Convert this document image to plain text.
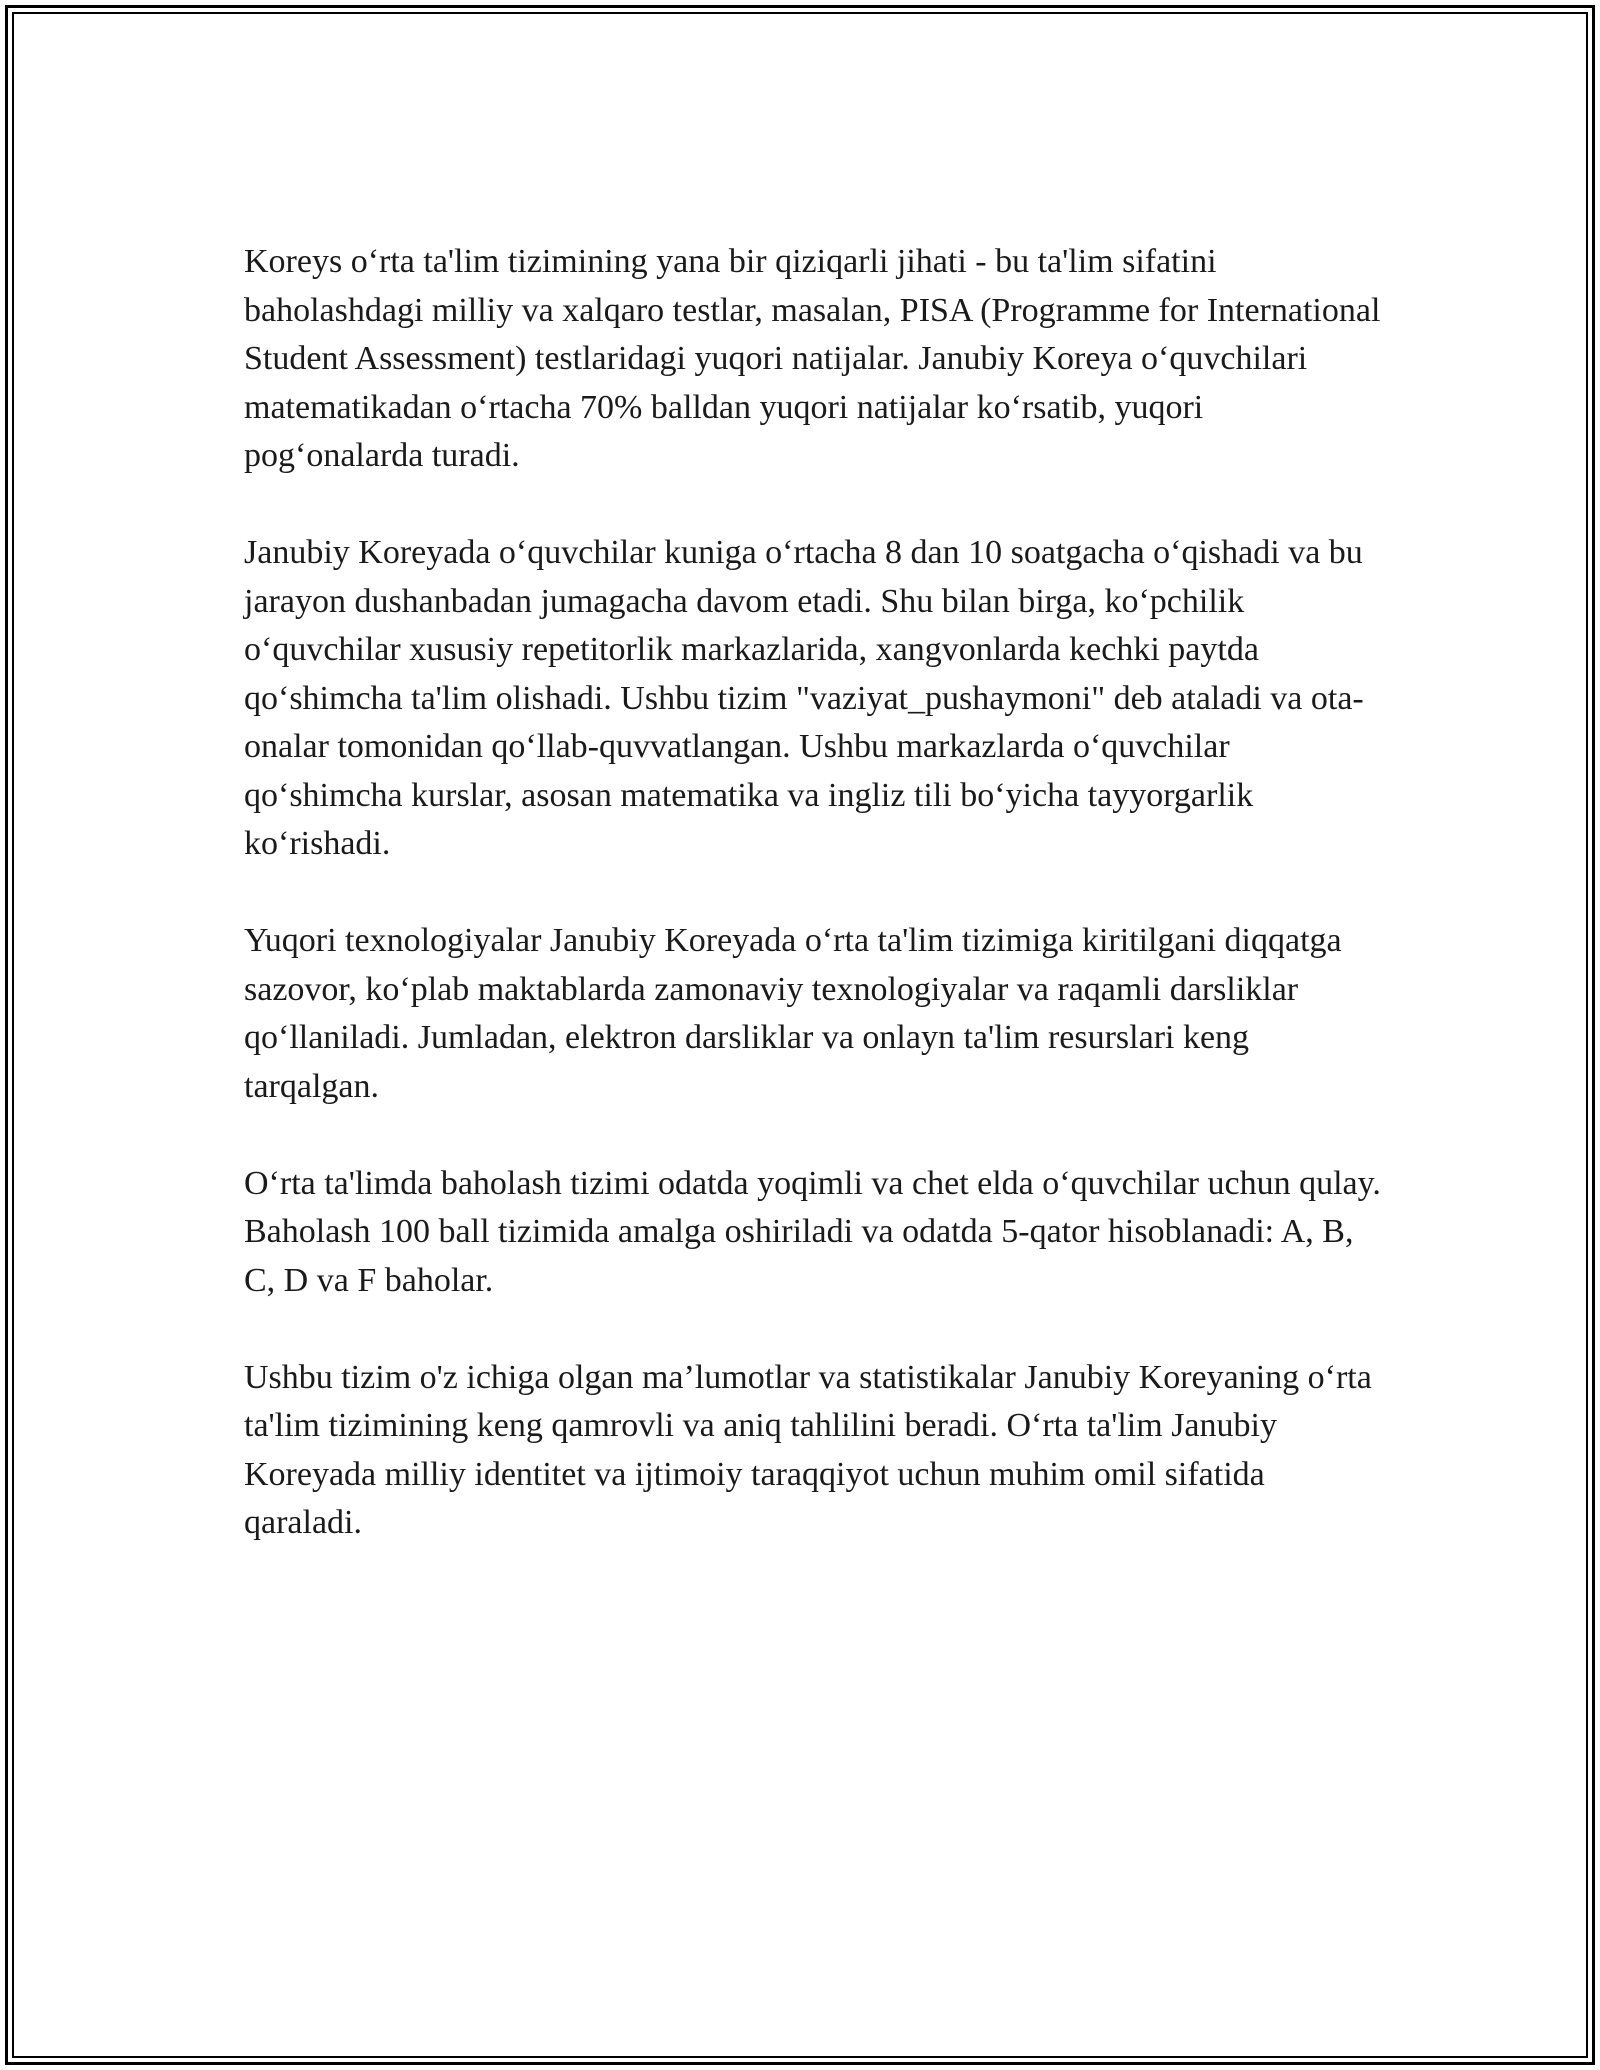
Koreys o‘rta ta'lim tizimining yana bir qiziqarli jihati - bu ta'lim sifatini baholashdagi milliy va xalqaro testlar, masalan, PISA (Programme for International Student Assessment) testlaridagi yuqori natijalar. Janubiy Koreya o‘quvchilari matematikadan o‘rtacha 70% balldan yuqori natijalar ko‘rsatib, yuqori pog‘onalarda turadi.

Janubiy Koreyada o‘quvchilar kuniga o‘rtacha 8 dan 10 soatgacha o‘qishadi va bu jarayon dushanbadan jumagacha davom etadi. Shu bilan birga, ko‘pchilik o‘quvchilar xususiy repetitorlik markazlarida, xangvonlarda kechki paytda qo‘shimcha ta'lim olishadi. Ushbu tizim "vaziyat_pushaymoni" deb ataladi va ota-onalar tomonidan qo‘llab-quvvatlangan. Ushbu markazlarda o‘quvchilar qo‘shimcha kurslar, asosan matematika va ingliz tili bo‘yicha tayyorgarlik ko‘rishadi.

Yuqori texnologiyalar Janubiy Koreyada o‘rta ta'lim tizimiga kiritilgani diqqatga sazovor, ko‘plab maktablarda zamonaviy texnologiyalar va raqamli darsliklar qo‘llaniladi. Jumladan, elektron darsliklar va onlayn ta'lim resurslari keng tarqalgan.

O‘rta ta'limda baholash tizimi odatda yoqimli va chet elda o‘quvchilar uchun qulay. Baholash 100 ball tizimida amalga oshiriladi va odatda 5-qator hisoblanadi: A, B, C, D va F baholar.

Ushbu tizim o'z ichiga olgan ma’lumotlar va statistikalar Janubiy Koreyaning o‘rta ta'lim tizimining keng qamrovli va aniq tahlilini beradi. O‘rta ta'lim Janubiy Koreyada milliy identitet va ijtimoiy taraqqiyot uchun muhim omil sifatida qaraladi.
